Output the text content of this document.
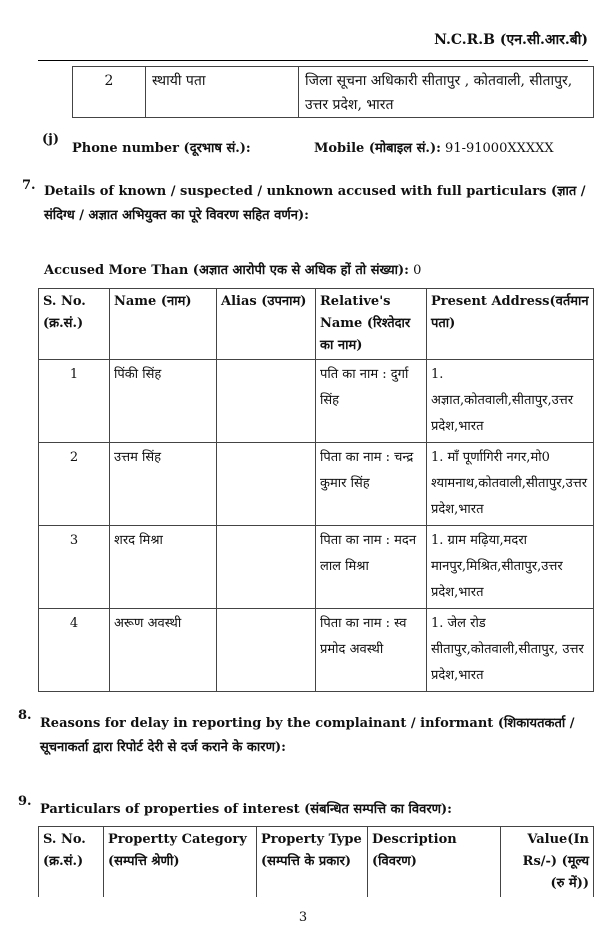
N.C.R.B (एन.सी.आर.बी)
2	स्थायी पता	जिला सूचना अधिकारी सीतापुर , कोतवाली, सीतापुर, उत्तर प्रदेश, भारत
(j)
Phone number (दूरभाष सं.):	Mobile (मोबाइल सं.): 91-91000XXXXX
7. Details of known / suspected / unknown accused with full particulars (ज्ञात / संदिग्ध / अज्ञात अभियुक्त का पूरे विवरण सहित वर्णन):
Accused More Than (अज्ञात आरोपी एक से अधिक हों तो संख्या): 0
S. No. (क्र.सं.)	Name (नाम)	Alias (उपनाम)	Relative's Name (रिश्तेदार का नाम)	Present Address(वर्तमान पता)
1	पिंकी सिंह		पति का नाम : दुर्गा सिंह	1. अज्ञात,कोतवाली,सीतापुर,उत्तर प्रदेश,भारत
2	उत्तम सिंह		पिता का नाम : चन्द्र कुमार सिंह	1. माँ पूर्णागिरी नगर,मो0 श्यामनाथ,कोतवाली,सीतापुर,उत्तर प्रदेश,भारत
3	शरद मिश्रा		पिता का नाम : मदन लाल मिश्रा	1. ग्राम मढ़िया,मदरा मानपुर,मिश्रित,सीतापुर,उत्तर प्रदेश,भारत
4	अरूण अवस्थी		पिता का नाम : स्व प्रमोद अवस्थी	1. जेल रोड सीतापुर,कोतवाली,सीतापुर, उत्तर प्रदेश,भारत
8.
Reasons for delay in reporting by the complainant / informant (शिकायतकर्ता / सूचनाकर्ता द्वारा रिपोर्ट देरी से दर्ज कराने के कारण):
9.
Particulars of properties of interest (संबन्धित सम्पत्ति का विवरण):
S. No. (क्र.सं.)	Propertty Category (सम्पत्ति श्रेणी)	Property Type (सम्पत्ति के प्रकार)	Description (विवरण)	Value(In Rs/-) (मूल्य (रु में))
3
